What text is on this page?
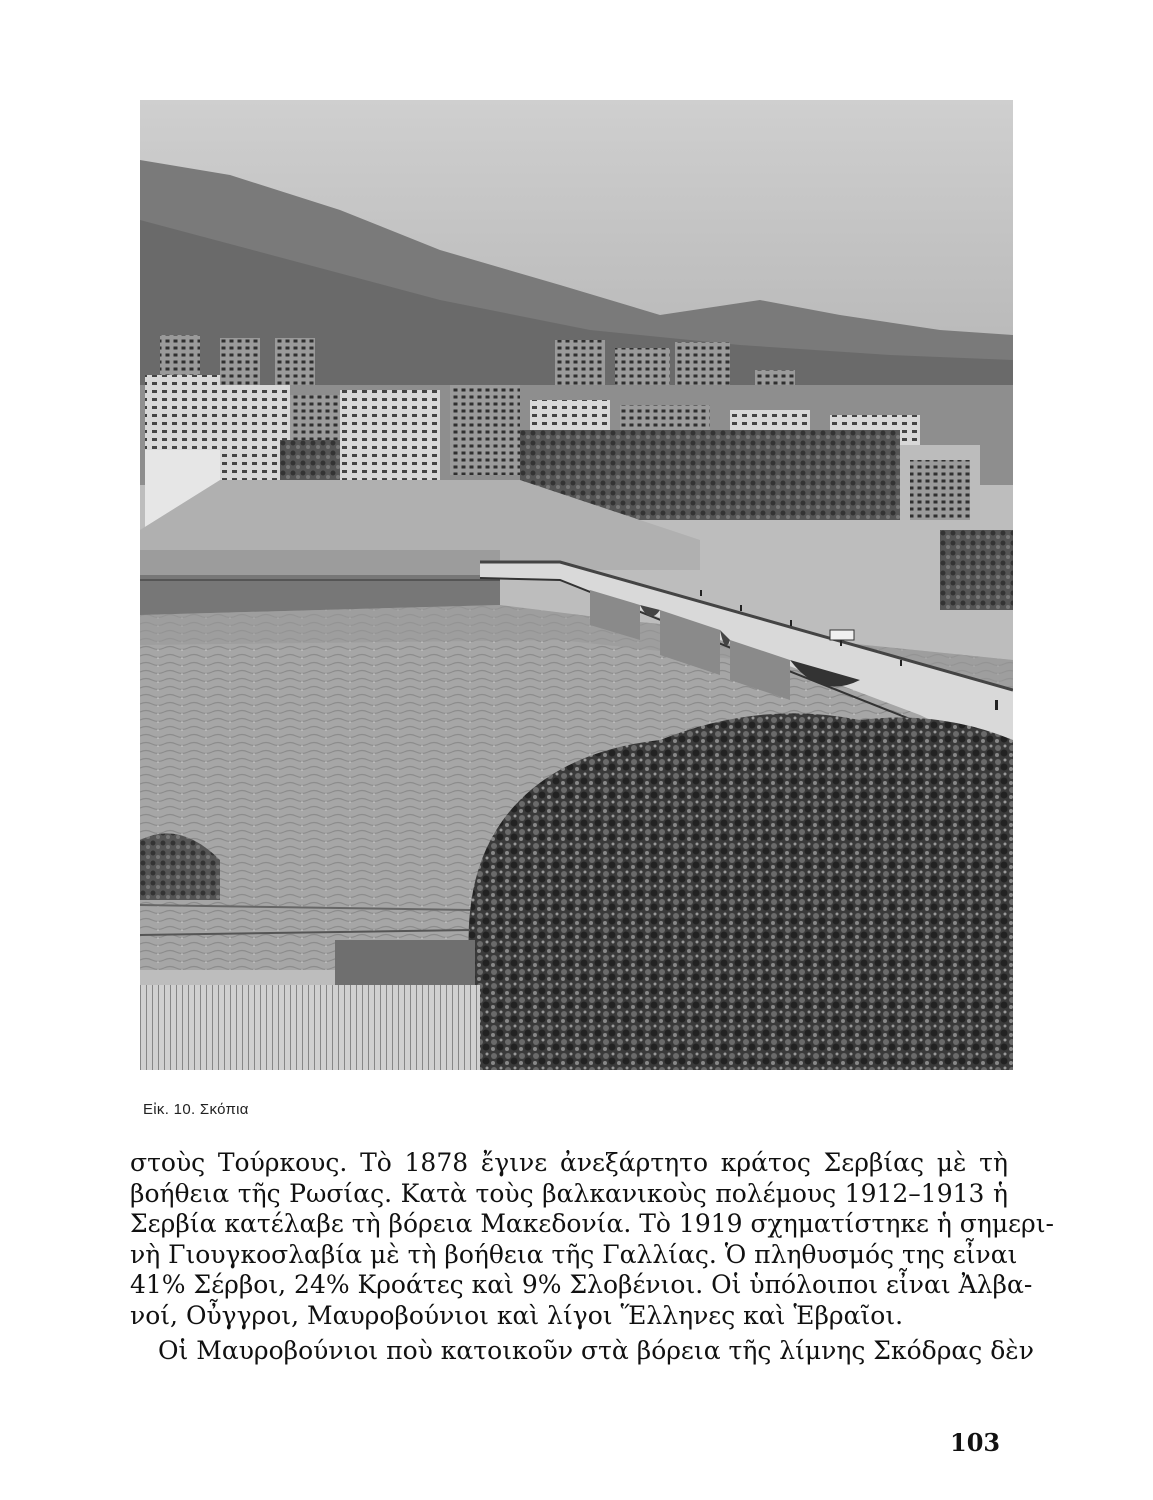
Εἰκ. 10. Σκόπια
στοὺς Τούρκους. Τὸ 1878 ἔγινε ἀνεξάρτητο κράτος Σερβίας μὲ τὴ
βοήθεια τῆς Ρωσίας. Κατὰ τοὺς βαλκανικοὺς πολέμους 1912–1913 ἡ
Σερβία κατέλαβε τὴ βόρεια Μακεδονία. Τὸ 1919 σχηματίστηκε ἡ σημερι-
νὴ Γιουγκοσλαβία μὲ τὴ βοήθεια τῆς Γαλλίας. Ὁ πληθυσμός της εἶναι
41% Σέρβοι, 24% Κροάτες καὶ 9% Σλοβένιοι. Οἱ ὑπόλοιποι εἶναι Ἀλβα-
νοί, Οὖγγροι, Μαυροβούνιοι καὶ λίγοι Ἕλληνες καὶ Ἑβραῖοι.
Οἱ Μαυροβούνιοι ποὺ κατοικοῦν στὰ βόρεια τῆς λίμνης Σκόδρας δὲν
103
